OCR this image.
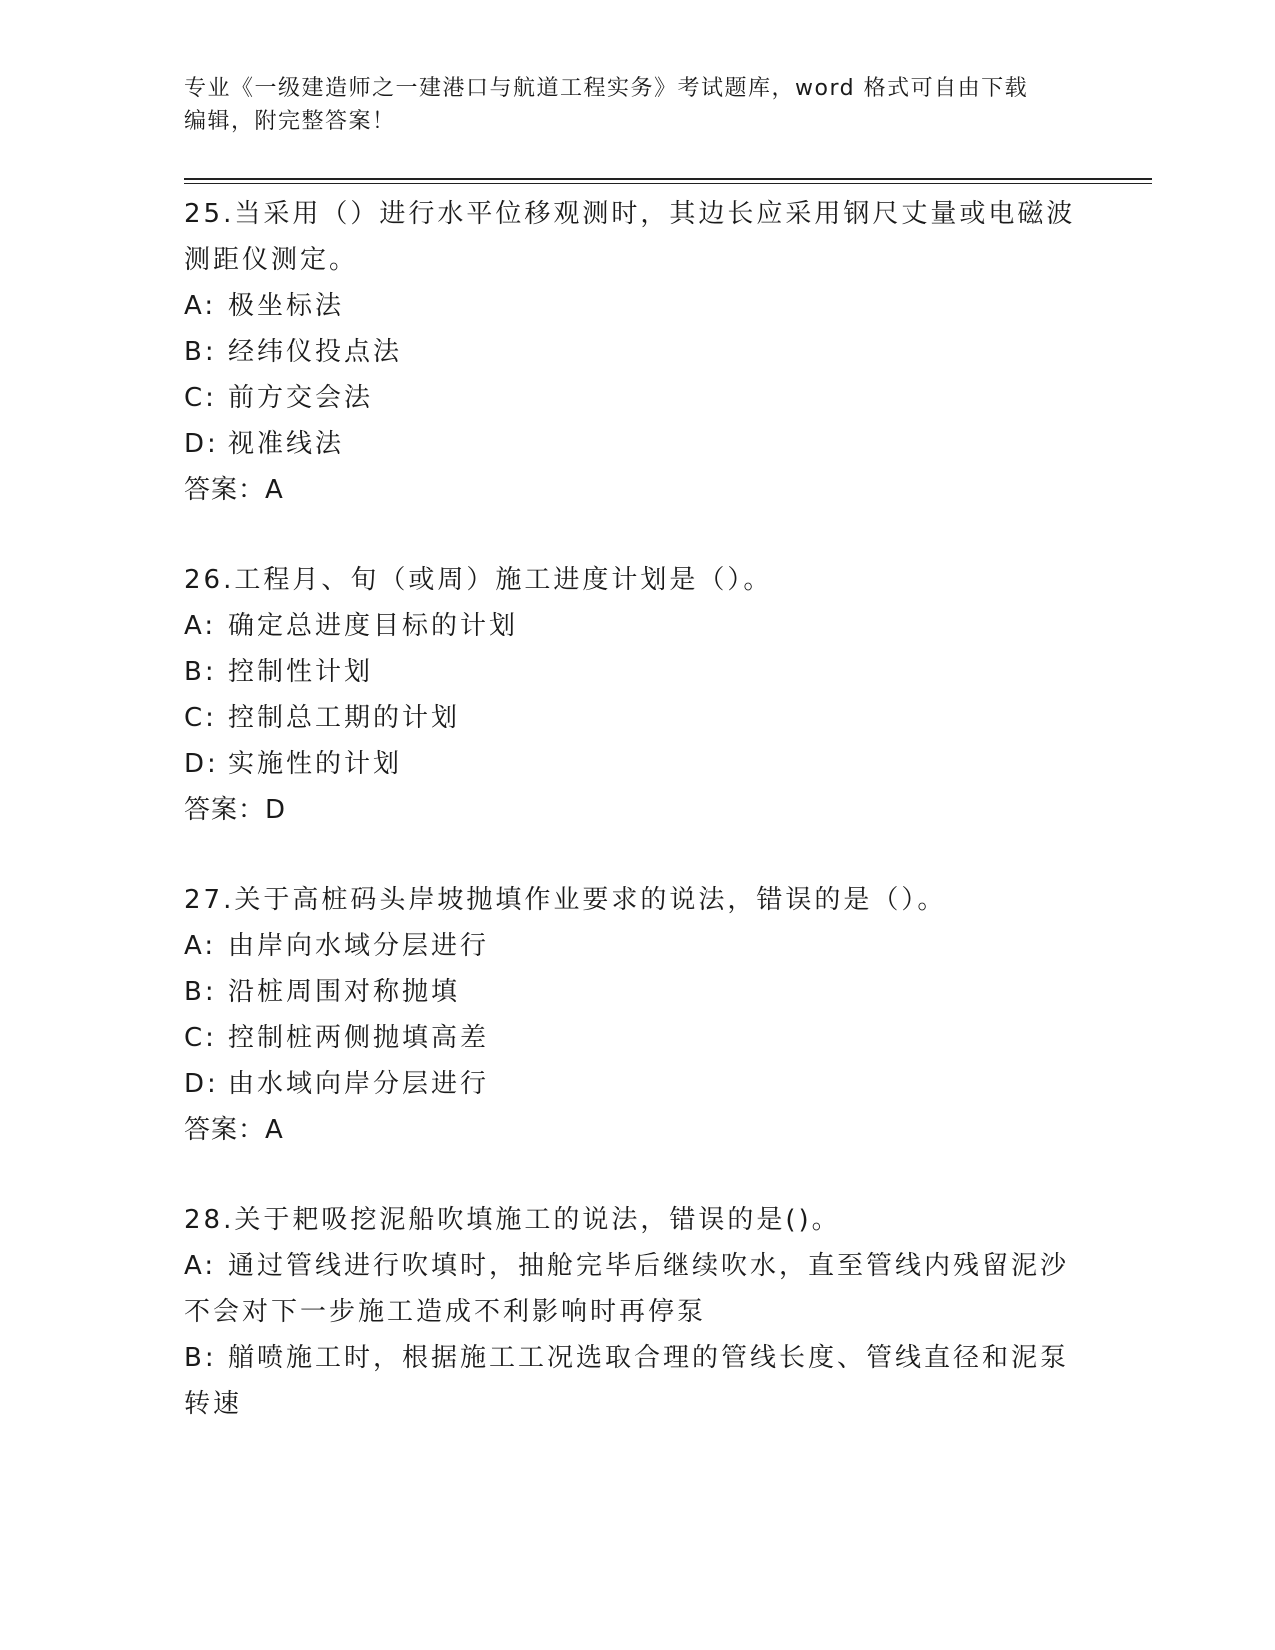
专业《一级建造师之一建港口与航道工程实务》考试题库，word 格式可自由下载
编辑，附完整答案！
25.当采用（）进行水平位移观测时，其边长应采用钢尺丈量或电磁波
测距仪测定。
A: 极坐标法
B: 经纬仪投点法
C: 前方交会法
D: 视准线法
答案：A
26.工程月、旬（或周）施工进度计划是（）。
A: 确定总进度目标的计划
B: 控制性计划
C: 控制总工期的计划
D: 实施性的计划
答案：D
27.关于高桩码头岸坡抛填作业要求的说法，错误的是（）。
A: 由岸向水域分层进行
B: 沿桩周围对称抛填
C: 控制桩两侧抛填高差
D: 由水域向岸分层进行
答案：A
28.关于耙吸挖泥船吹填施工的说法，错误的是()。
A: 通过管线进行吹填时，抽舱完毕后继续吹水，直至管线内残留泥沙
不会对下一步施工造成不利影响时再停泵
B: 艏喷施工时，根据施工工况选取合理的管线长度、管线直径和泥泵
转速
